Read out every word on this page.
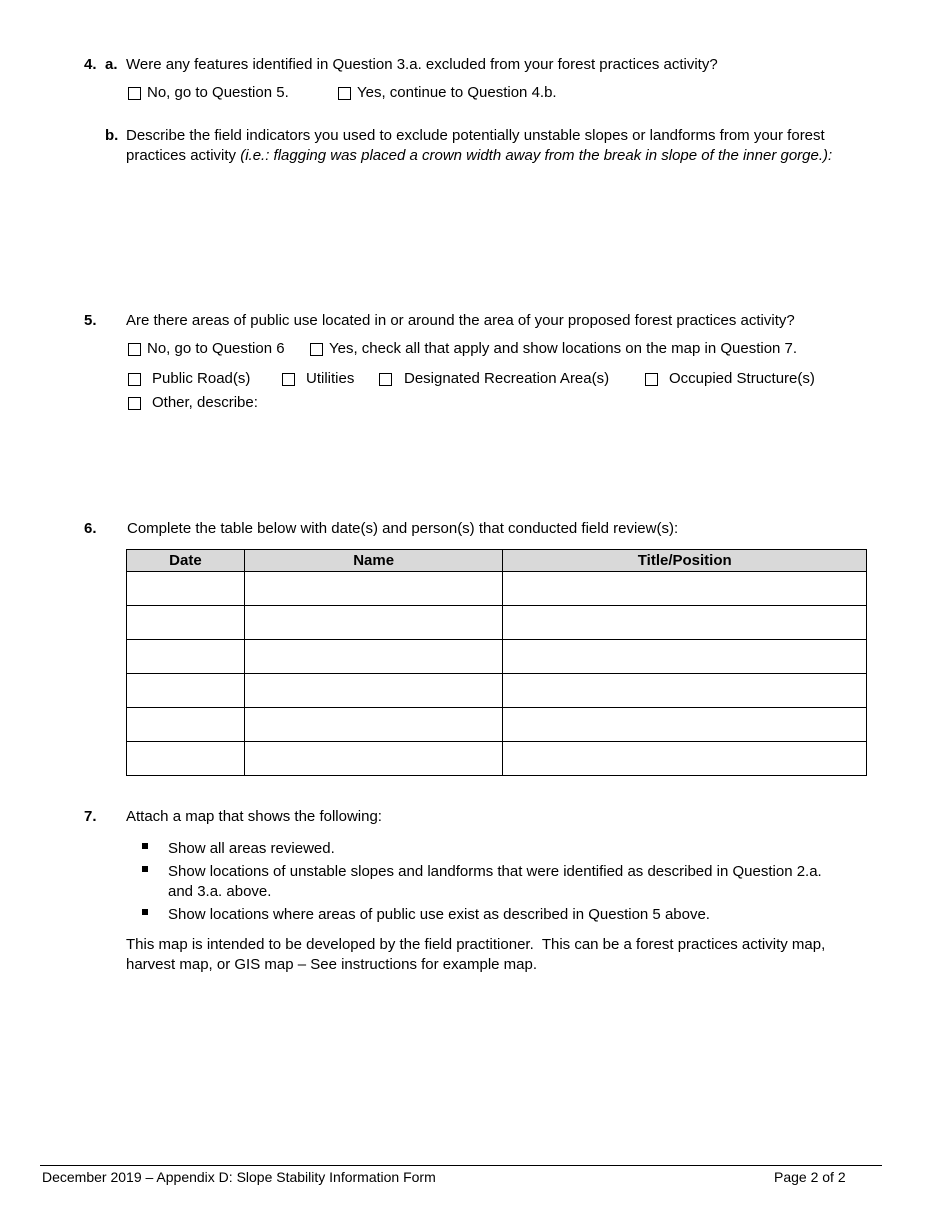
4. a. Were any features identified in Question 3.a. excluded from your forest practices activity?
No, go to Question 5.	Yes, continue to Question 4.b.
b. Describe the field indicators you used to exclude potentially unstable slopes or landforms from your forest
practices activity (i.e.: flagging was placed a crown width away from the break in slope of the inner gorge.):
5. Are there areas of public use located in or around the area of your proposed forest practices activity?
No, go to Question 6	Yes, check all that apply and show locations on the map in Question 7.
Public Road(s)	Utilities	Designated Recreation Area(s)	Occupied Structure(s)
Other, describe:
6. Complete the table below with date(s) and person(s) that conducted field review(s):
Date	Name	Title/Position

7. Attach a map that shows the following:
Show all areas reviewed.
Show locations of unstable slopes and landforms that were identified as described in Question 2.a.
and 3.a. above.
Show locations where areas of public use exist as described in Question 5 above.
This map is intended to be developed by the field practitioner.  This can be a forest practices activity map,
harvest map, or GIS map – See instructions for example map.
December 2019 – Appendix D: Slope Stability Information Form	Page 2 of 2
